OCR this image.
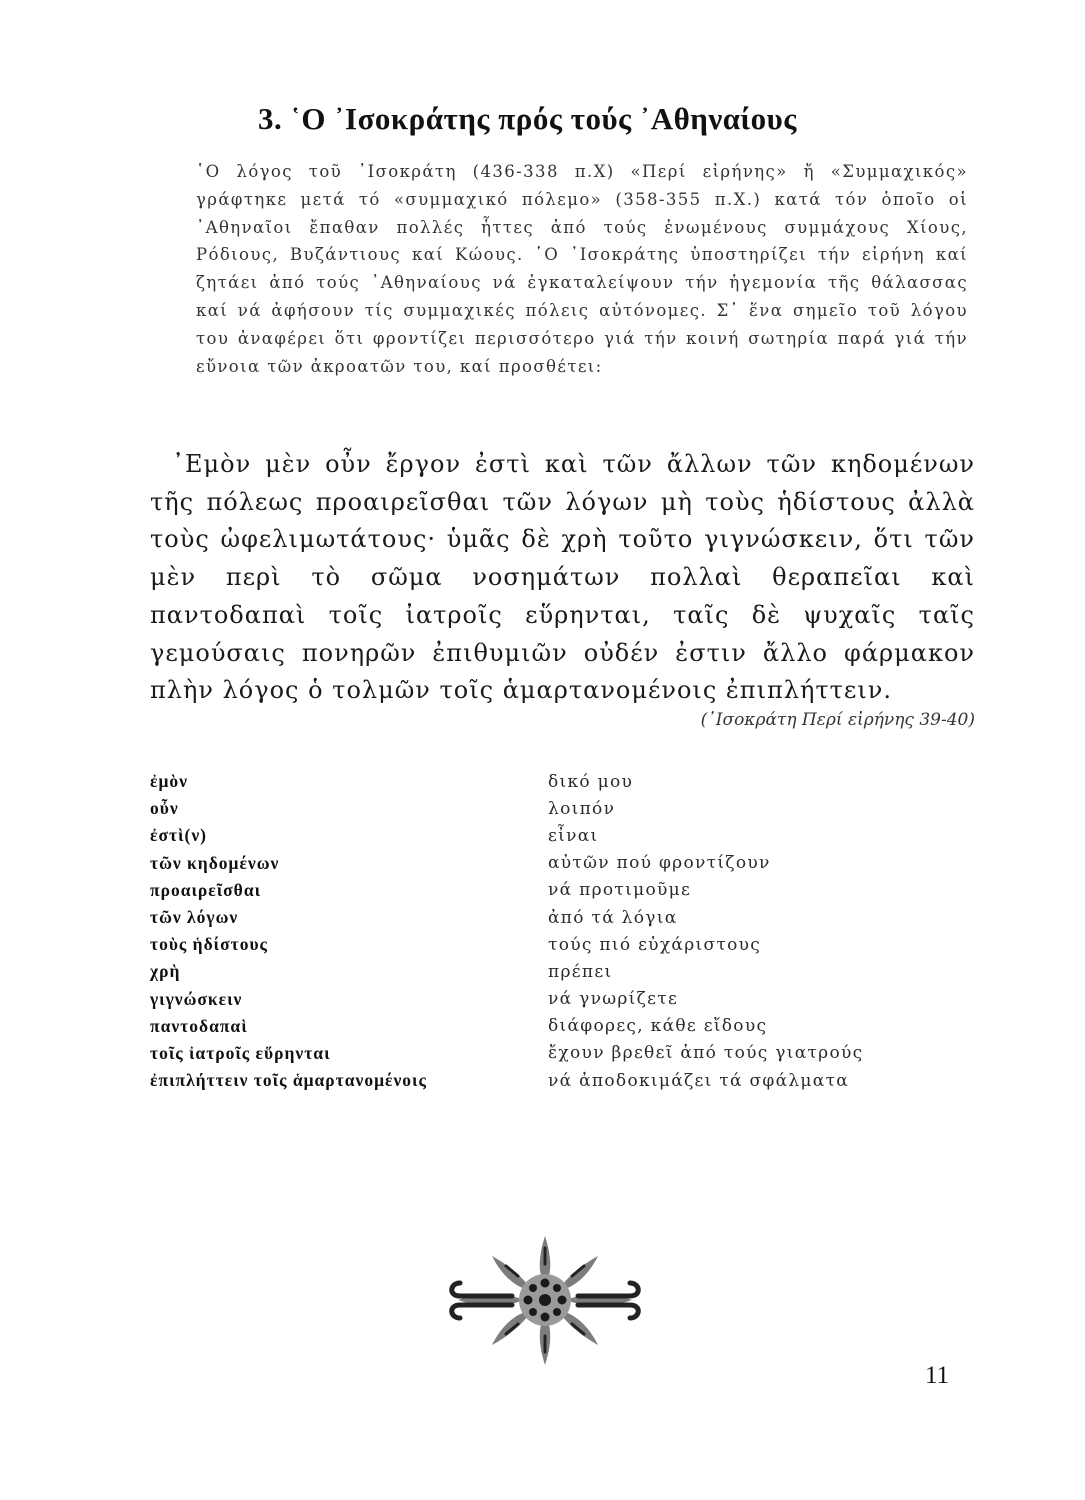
3. ῾Ο ᾿Ισοκράτης πρός τούς ᾿Αθηναίους

῾Ο λόγος τοῦ ᾿Ισοκράτη (436-338 π.Χ) «Περί εἰρήνης» ἤ «Συμμαχικός» γράφτηκε μετά τό «συμμαχικό πόλεμο» (358-355 π.Χ.) κατά τόν ὁποῖο οἱ ᾿Αθηναῖοι ἔπαθαν πολλές ἧττες ἀπό τούς ἐνωμένους συμμάχους Χίους, Ρόδιους, Βυζάντιους καί Κώους. ῾Ο ᾿Ισοκράτης ὑποστηρίζει τήν εἰρήνη καί ζητάει ἀπό τούς ᾿Αθηναίους νά ἐγκαταλείψουν τήν ἡγεμονία τῆς θάλασσας καί νά ἀφήσουν τίς συμμαχικές πόλεις αὐτόνομες. Σ᾿ ἕνα σημεῖο τοῦ λόγου του ἀναφέρει ὅτι φροντίζει περισσότερο γιά τήν κοινή σωτηρία παρά γιά τήν εὔνοια τῶν ἀκροατῶν του, καί προσθέτει:

᾿Εμὸν μὲν οὖν ἔργον ἐστὶ καὶ τῶν ἄλλων τῶν κηδομένων τῆς πόλεως προαιρεῖσθαι τῶν λόγων μὴ τοὺς ἡδίστους ἀλλὰ τοὺς ὠφελιμωτάτους· ὑμᾶς δὲ χρὴ τοῦτο γιγνώσκειν, ὅτι τῶν μὲν περὶ τὸ σῶμα νοσημάτων πολλαὶ θεραπεῖαι καὶ παντοδαπαὶ τοῖς ἰατροῖς εὕρηνται, ταῖς δὲ ψυχαῖς ταῖς γεμούσαις πονηρῶν ἐπιθυμιῶν οὐδέν ἐστιν ἄλλο φάρμακον πλὴν λόγος ὁ τολμῶν τοῖς ἁμαρτανομένοις ἐπιπλήττειν.

(᾿Ισοκράτη Περί εἰρήνης 39-40)
ἐμὸν	δικό μου
οὖν	λοιπόν
ἐστὶ(ν)	εἶναι
τῶν κηδομένων	αὐτῶν πού φροντίζουν
προαιρεῖσθαι	νά προτιμοῦμε
τῶν λόγων	ἀπό τά λόγια
τοὺς ἡδίστους	τούς πιό εὐχάριστους
χρὴ	πρέπει
γιγνώσκειν	νά γνωρίζετε
παντοδαπαὶ	διάφορες, κάθε εἴδους
τοῖς ἰατροῖς εὕρηνται	ἔχουν βρεθεῖ ἀπό τούς γιατρούς
ἐπιπλήττειν τοῖς ἁμαρτανομένοις	νά ἀποδοκιμάζει τά σφάλματα
11
